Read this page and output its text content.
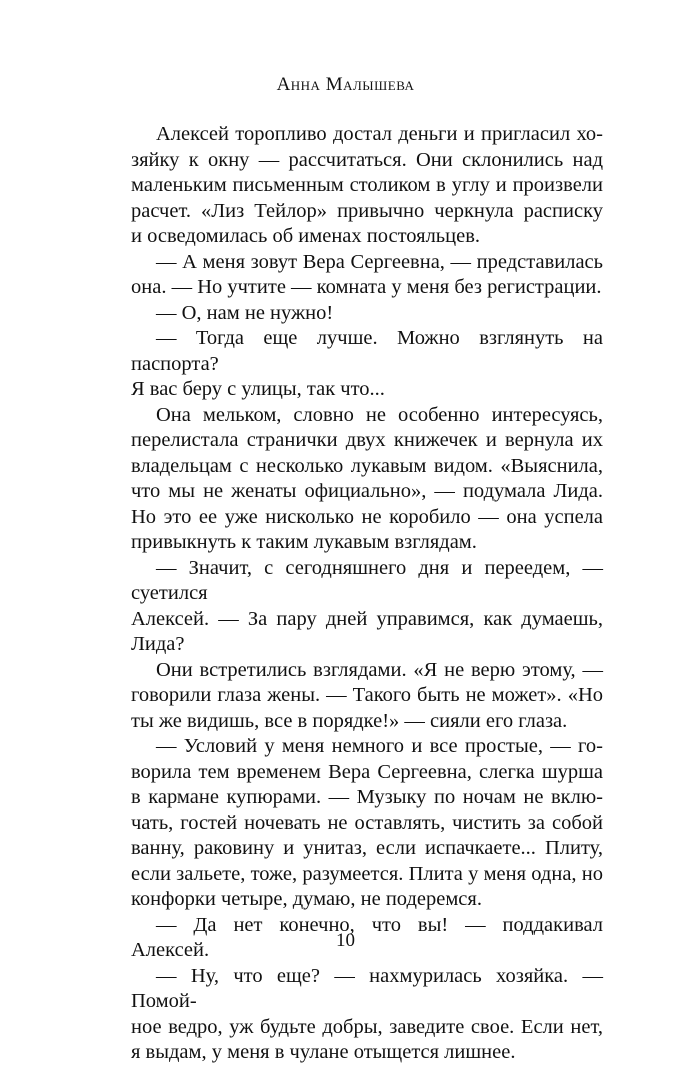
Анна Малышева

Алексей торопливо достал деньги и пригласил хо-
зяйку к окну — рассчитаться. Они склонились над
маленьким письменным столиком в углу и произвели
расчет. «Лиз Тейлор» привычно черкнула расписку
и осведомилась об именах постояльцев.

— А меня зовут Вера Сергеевна, — представилась
она. — Но учтите — комната у меня без регистрации.

— О, нам не нужно!

— Тогда еще лучше. Можно взглянуть на паспорта?
Я вас беру с улицы, так что...

Она мельком, словно не особенно интересуясь,
перелистала странички двух книжечек и вернула их
владельцам с несколько лукавым видом. «Выяснила,
что мы не женаты официально», — подумала Лида.
Но это ее уже нисколько не коробило — она успела
привыкнуть к таким лукавым взглядам.

— Значит, с сегодняшнего дня и переедем, — суетился
Алексей. — За пару дней управимся, как думаешь, Лида?

Они встретились взглядами. «Я не верю этому, —
говорили глаза жены. — Такого быть не может». «Но
ты же видишь, все в порядке!» — сияли его глаза.

— Условий у меня немного и все простые, — го-
ворила тем временем Вера Сергеевна, слегка шурша
в кармане купюрами. — Музыку по ночам не вклю-
чать, гостей ночевать не оставлять, чистить за собой
ванну, раковину и унитаз, если испачкаете... Плиту,
если зальете, тоже, разумеется. Плита у меня одна, но
конфорки четыре, думаю, не подеремся.

— Да нет конечно, что вы! — поддакивал Алексей.

— Ну, что еще? — нахмурилась хозяйка. — Помой-
ное ведро, уж будьте добры, заведите свое. Если нет,
я выдам, у меня в чулане отыщется лишнее.

10
